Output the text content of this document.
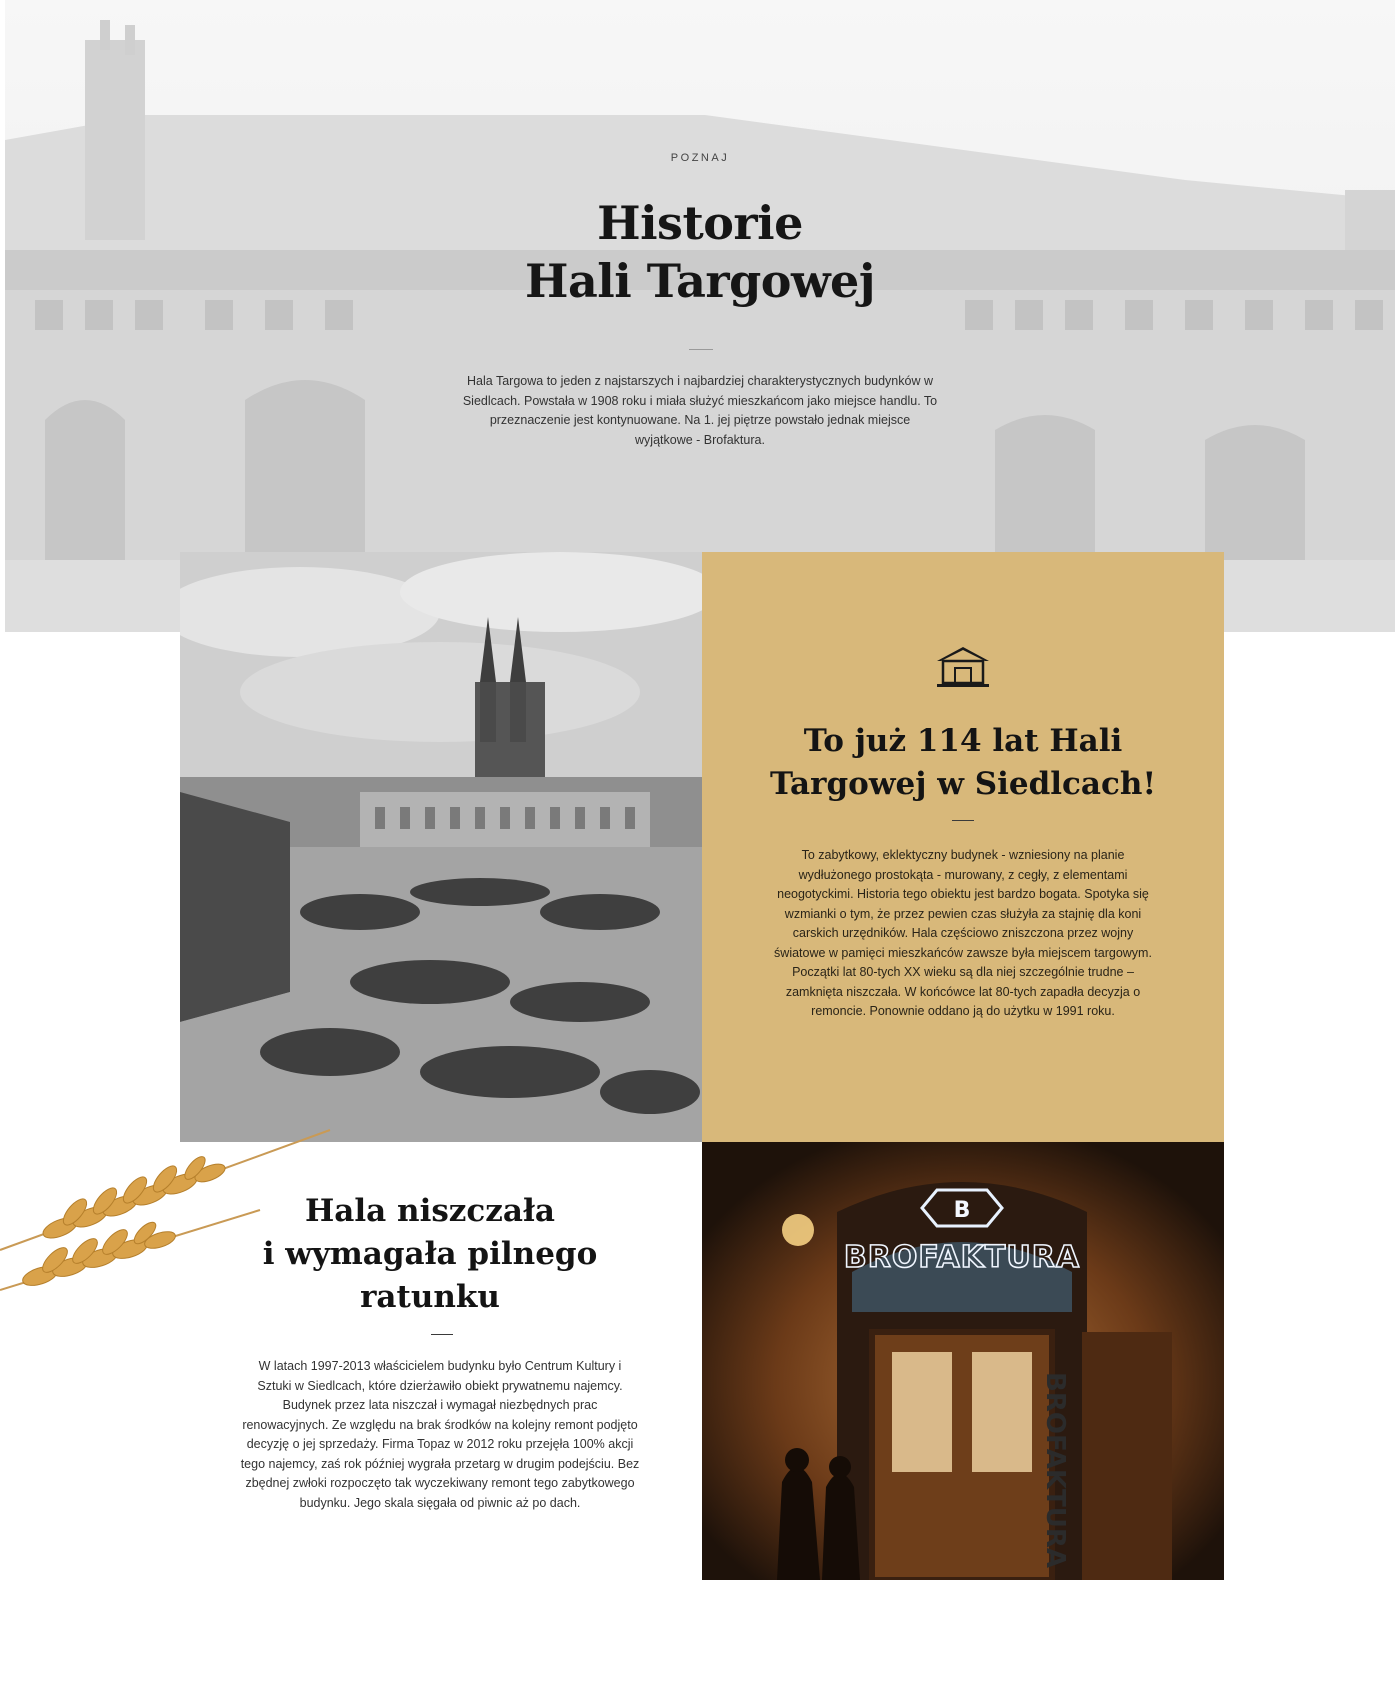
POZNAJ
Historie
Hali Targowej

Hala Targowa to jeden z najstarszych i najbardziej charakterystycznych budynków w Siedlcach. Powstała w 1908 roku i miała służyć mieszkańcom jako miejsce handlu. To przeznaczenie jest kontynuowane. Na 1. jej piętrze powstało jednak miejsce wyjątkowe - Brofaktura.

To już 114 lat Hali
Targowej w Siedlcach!

To zabytkowy, eklektyczny budynek - wzniesiony na planie wydłużonego prostokąta - murowany, z cegły, z elementami neogotyckimi. Historia tego obiektu jest bardzo bogata. Spotyka się wzmianki o tym, że przez pewien czas służyła za stajnię dla koni carskich urzędników. Hala częściowo zniszczona przez wojny światowe w pamięci mieszkańców zawsze była miejscem targowym. Początki lat 80-tych XX wieku są dla niej szczególnie trudne – zamknięta niszczała. W końcówce lat 80-tych zapadła decyzja o remoncie. Ponownie oddano ją do użytku w 1991 roku.

Hala niszczała
i wymagała pilnego
ratunku

W latach 1997-2013 właścicielem budynku było Centrum Kultury i Sztuki w Siedlcach, które dzierżawiło obiekt prywatnemu najemcy. Budynek przez lata niszczał i wymagał niezbędnych prac renowacyjnych. Ze względu na brak środków na kolejny remont podjęto decyzję o jej sprzedaży. Firma Topaz w 2012 roku przejęła 100% akcji tego najemcy, zaś rok później wygrała przetarg w drugim podejściu. Bez zbędnej zwłoki rozpoczęto tak wyczekiwany remont tego zabytkowego budynku. Jego skala sięgała od piwnic aż po dach.

B
BROFAKTURA
BROFAKTURA
